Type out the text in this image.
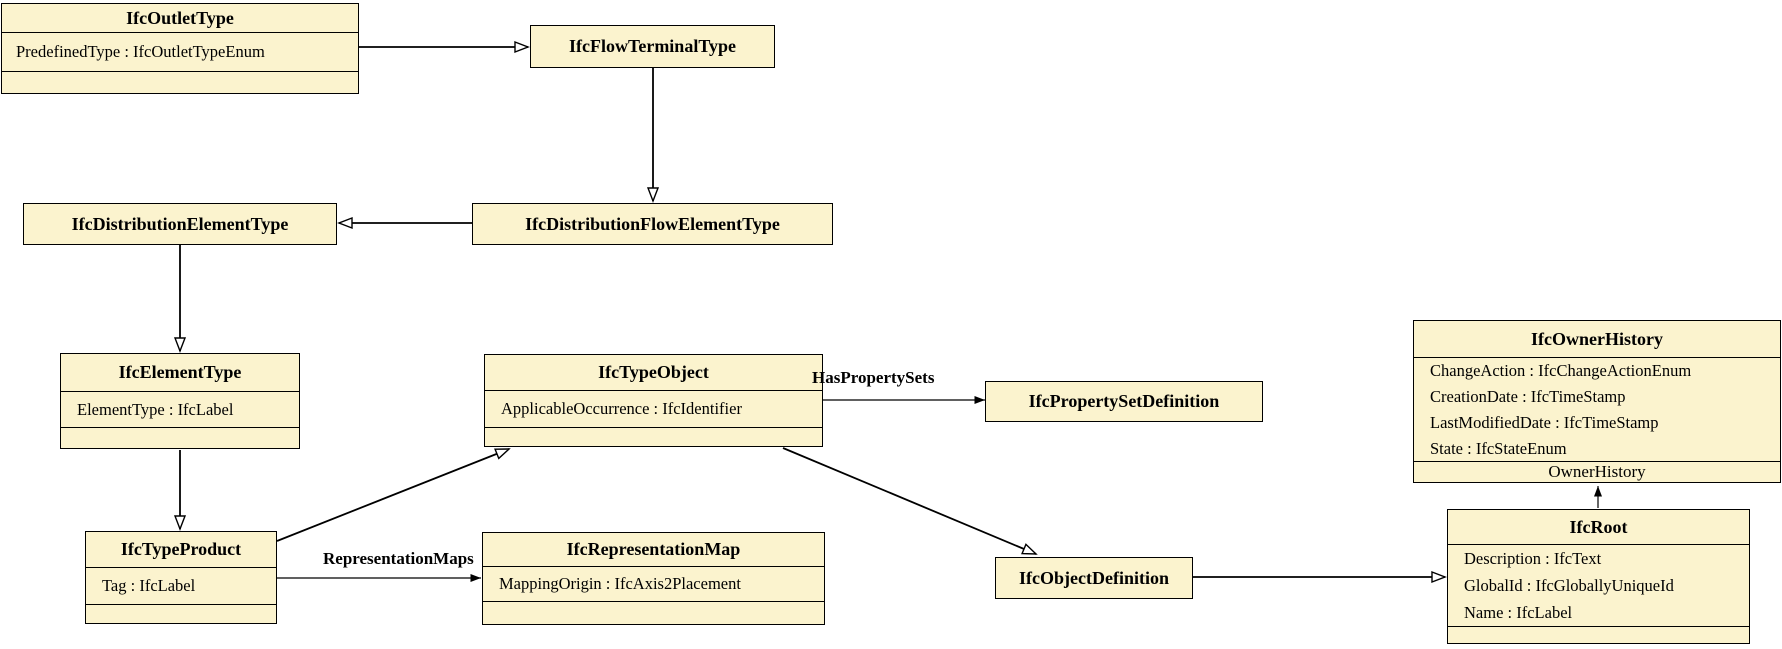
IfcOutletType
PredefinedType : IfcOutletTypeEnum	IfcFlowTerminalType
IfcDistributionElementType	IfcDistributionFlowElementType
IfcElementType
ElementType : IfcLabel
IfcTypeObject
ApplicableOccurrence : IfcIdentifier	IfcPropertySetDefinition
IfcOwnerHistory
ChangeAction : IfcChangeActionEnum
CreationDate : IfcTimeStamp
LastModifiedDate : IfcTimeStamp
State : IfcStateEnum
OwnerHistory
IfcTypeProduct
Tag : IfcLabel
IfcRepresentationMap
MappingOrigin : IfcAxis2Placement	IfcObjectDefinition
IfcRoot
Description : IfcText
GlobalId : IfcGloballyUniqueId
Name : IfcLabel
HasPropertySets
RepresentationMaps
